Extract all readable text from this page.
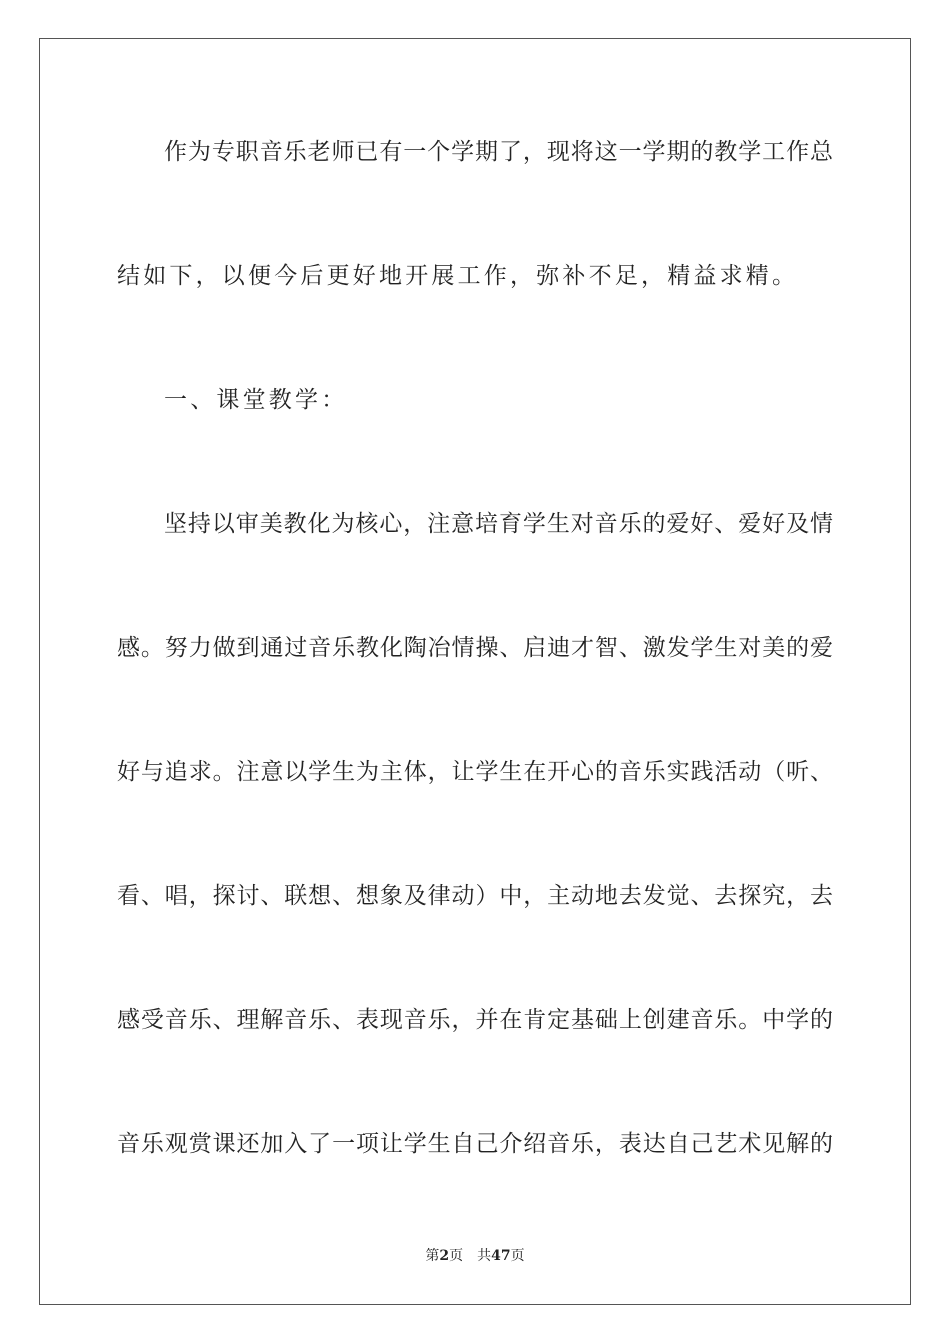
作为专职音乐老师已有一个学期了，现将这一学期的教学工作总
结如下，以便今后更好地开展工作，弥补不足，精益求精。
一、课堂教学：
坚持以审美教化为核心，注意培育学生对音乐的爱好、爱好及情
感。努力做到通过音乐教化陶冶情操、启迪才智、激发学生对美的爱
好与追求。注意以学生为主体，让学生在开心的音乐实践活动（听、
看、唱，探讨、联想、想象及律动）中，主动地去发觉、去探究，去
感受音乐、理解音乐、表现音乐，并在肯定基础上创建音乐。中学的
音乐观赏课还加入了一项让学生自己介绍音乐，表达自己艺术见解的
第2页 共47页
